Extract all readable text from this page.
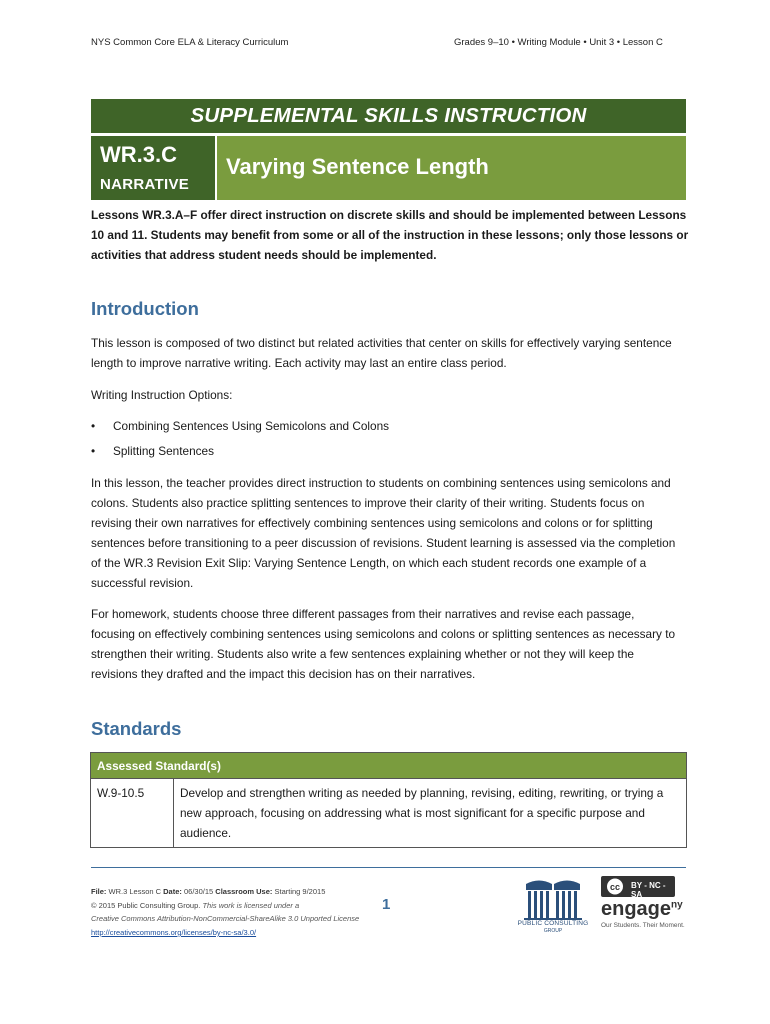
NYS Common Core ELA & Literacy Curriculum	Grades 9–10 • Writing Module • Unit 3 • Lesson C
SUPPLEMENTAL SKILLS INSTRUCTION
WR.3.C
NARRATIVE
Varying Sentence Length
Lessons WR.3.A–F offer direct instruction on discrete skills and should be implemented between Lessons 10 and 11. Students may benefit from some or all of the instruction in these lessons; only those lessons or activities that address student needs should be implemented.
Introduction
This lesson is composed of two distinct but related activities that center on skills for effectively varying sentence length to improve narrative writing. Each activity may last an entire class period.
Writing Instruction Options:
• Combining Sentences Using Semicolons and Colons
• Splitting Sentences
In this lesson, the teacher provides direct instruction to students on combining sentences using semicolons and colons. Students also practice splitting sentences to improve their clarity of their writing. Students focus on revising their own narratives for effectively combining sentences using semicolons and colons or for splitting sentences before transitioning to a peer discussion of revisions. Student learning is assessed via the completion of the WR.3 Revision Exit Slip: Varying Sentence Length, on which each student records one example of a successful revision.
For homework, students choose three different passages from their narratives and revise each passage, focusing on effectively combining sentences using semicolons and colons or splitting sentences as necessary to strengthen their writing. Students also write a few sentences explaining whether or not they will keep the revisions they drafted and the impact this decision has on their narratives.
Standards
Assessed Standard(s)
W.9-10.5	Develop and strengthen writing as needed by planning, revising, editing, rewriting, or trying a new approach, focusing on addressing what is most significant for a specific purpose and audience.
File: WR.3 Lesson C Date: 06/30/15 Classroom Use: Starting 9/2015
© 2015 Public Consulting Group. This work is licensed under a
Creative Commons Attribution-NonCommercial-ShareAlike 3.0 Unported License
http://creativecommons.org/licenses/by-nc-sa/3.0/
1
PUBLIC CONSULTING
GROUP
cc BY - NC - SA
engage$^{ny}$
Our Students. Their Moment.
